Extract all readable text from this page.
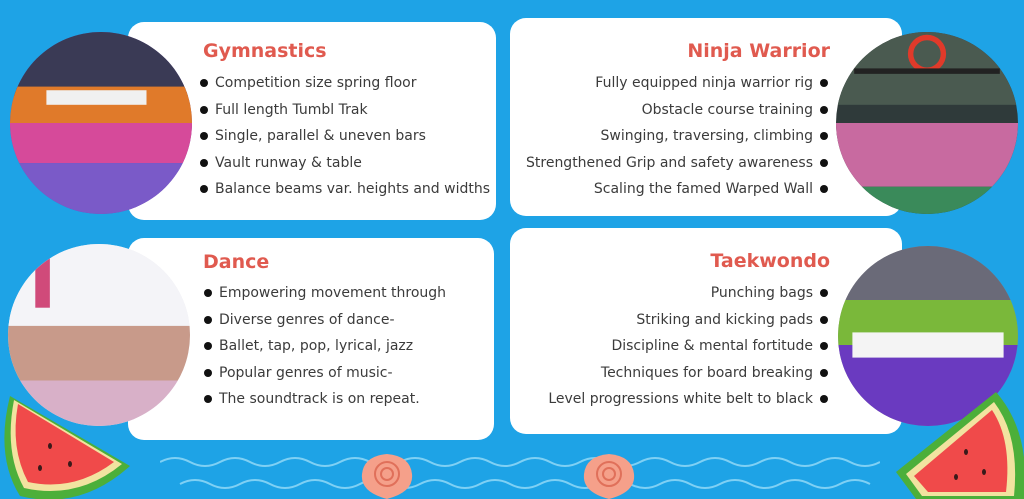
Gymnastics
Competition size spring floor
Full length Tumbl Trak
Single, parallel & uneven bars
Vault runway & table
Balance beams var. heights and widths
Ninja Warrior
Fully equipped ninja warrior rig
Obstacle course training
Swinging, traversing, climbing
Strengthened Grip and safety awareness
Scaling the famed Warped Wall
Dance
Empowering movement through
Diverse genres of dance-
Ballet, tap, pop, lyrical, jazz
Popular genres of music-
The soundtrack is on repeat.
Taekwondo
Punching bags
Striking and kicking pads
Discipline & mental fortitude
Techniques for board breaking
Level progressions white belt to black
